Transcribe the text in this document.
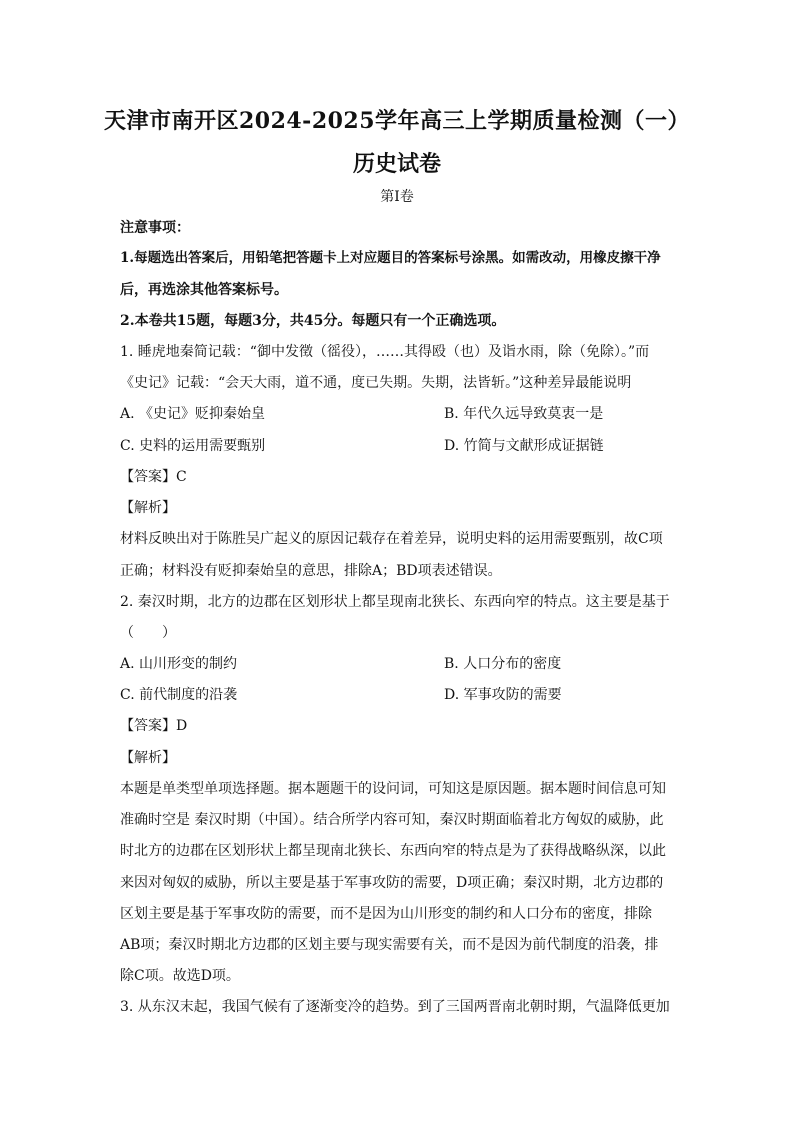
天津市南开区2024-2025学年高三上学期质量检测（一）
历史试卷
第I卷
注意事项：
1.每题选出答案后，用铅笔把答题卡上对应题目的答案标号涂黑。如需改动，用橡皮擦干净
后，再选涂其他答案标号。
2.本卷共15题，每题3分，共45分。每题只有一个正确选项。
1. 睡虎地秦简记载：“御中发徵（徭役），……其得殴（也）及诣水雨，除（免除）。”而
《史记》记载：“会天大雨，道不通，度已失期。失期，法皆斩。”这种差异最能说明
A. 《史记》贬抑秦始皇	B. 年代久远导致莫衷一是
C. 史料的运用需要甄别	D. 竹简与文献形成证据链
【答案】C
【解析】
材料反映出对于陈胜吴广起义的原因记载存在着差异，说明史料的运用需要甄别，故C项
正确；材料没有贬抑秦始皇的意思，排除A；BD项表述错误。
2. 秦汉时期，北方的边郡在区划形状上都呈现南北狭长、东西向窄的特点。这主要是基于
（　　）
A. 山川形变的制约	B. 人口分布的密度
C. 前代制度的沿袭	D. 军事攻防的需要
【答案】D
【解析】
本题是单类型单项选择题。据本题题干的设问词，可知这是原因题。据本题时间信息可知
准确时空是 秦汉时期（中国）。结合所学内容可知，秦汉时期面临着北方匈奴的威胁，此
时北方的边郡在区划形状上都呈现南北狭长、东西向窄的特点是为了获得战略纵深，以此
来因对匈奴的威胁，所以主要是基于军事攻防的需要，D项正确；秦汉时期，北方边郡的
区划主要是基于军事攻防的需要，而不是因为山川形变的制约和人口分布的密度，排除
AB项；秦汉时期北方边郡的区划主要与现实需要有关，而不是因为前代制度的沿袭，排
除C项。故选D项。
3. 从东汉末起，我国气候有了逐渐变冷的趋势。到了三国两晋南北朝时期，气温降低更加
